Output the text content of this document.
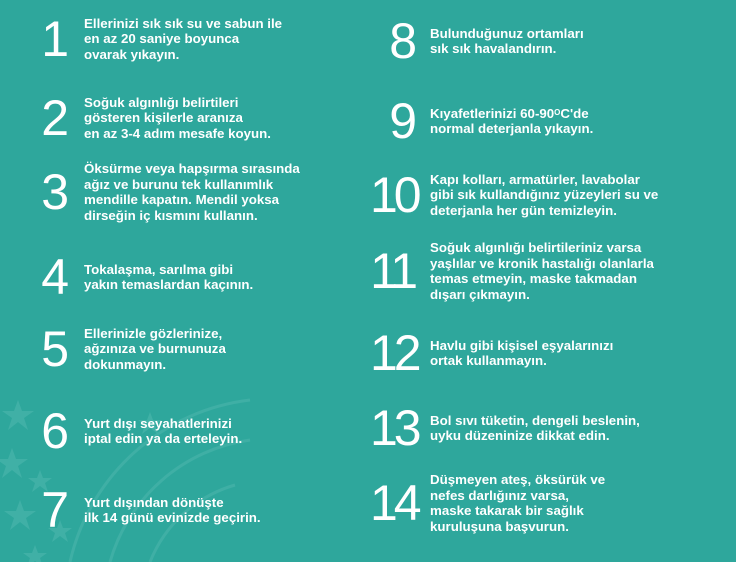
1 Ellerinizi sık sık su ve sabun ile
en az 20 saniye boyunca
ovarak yıkayın.
2 Soğuk algınlığı belirtileri
gösteren kişilerle aranıza
en az 3-4 adım mesafe koyun.
3 Öksürme veya hapşırma sırasında
ağız ve burunu tek kullanımlık
mendille kapatın. Mendil yoksa
dirseğin iç kısmını kullanın.
4 Tokalaşma, sarılma gibi
yakın temaslardan kaçının.
5 Ellerinizle gözlerinize,
ağzınıza ve burnunuza
dokunmayın.
6 Yurt dışı seyahatlerinizi
iptal edin ya da erteleyin.
7 Yurt dışından dönüşte
ilk 14 günü evinizde geçirin.
8 Bulunduğunuz ortamları
sık sık havalandırın.
9 Kıyafetlerinizi $60-90^OC'de$
normal deterjanla yıkayın.
10 Kapı kolları, armatürler, lavabolar
gibi sık kullandığınız yüzeyleri su ve
deterjanla her gün temizleyin.
11 Soğuk algınlığı belirtileriniz varsa
yaşlılar ve kronik hastalığı olanlarla
temas etmeyin, maske takmadan
dışarı çıkmayın.
12 Havlu gibi kişisel eşyalarınızı
ortak kullanmayın.
13 Bol sıvı tüketin, dengeli beslenin,
uyku düzeninize dikkat edin.
14 Düşmeyen ateş, öksürük ve
nefes darlığınız varsa,
maske takarak bir sağlık
kuruluşuna başvurun.
